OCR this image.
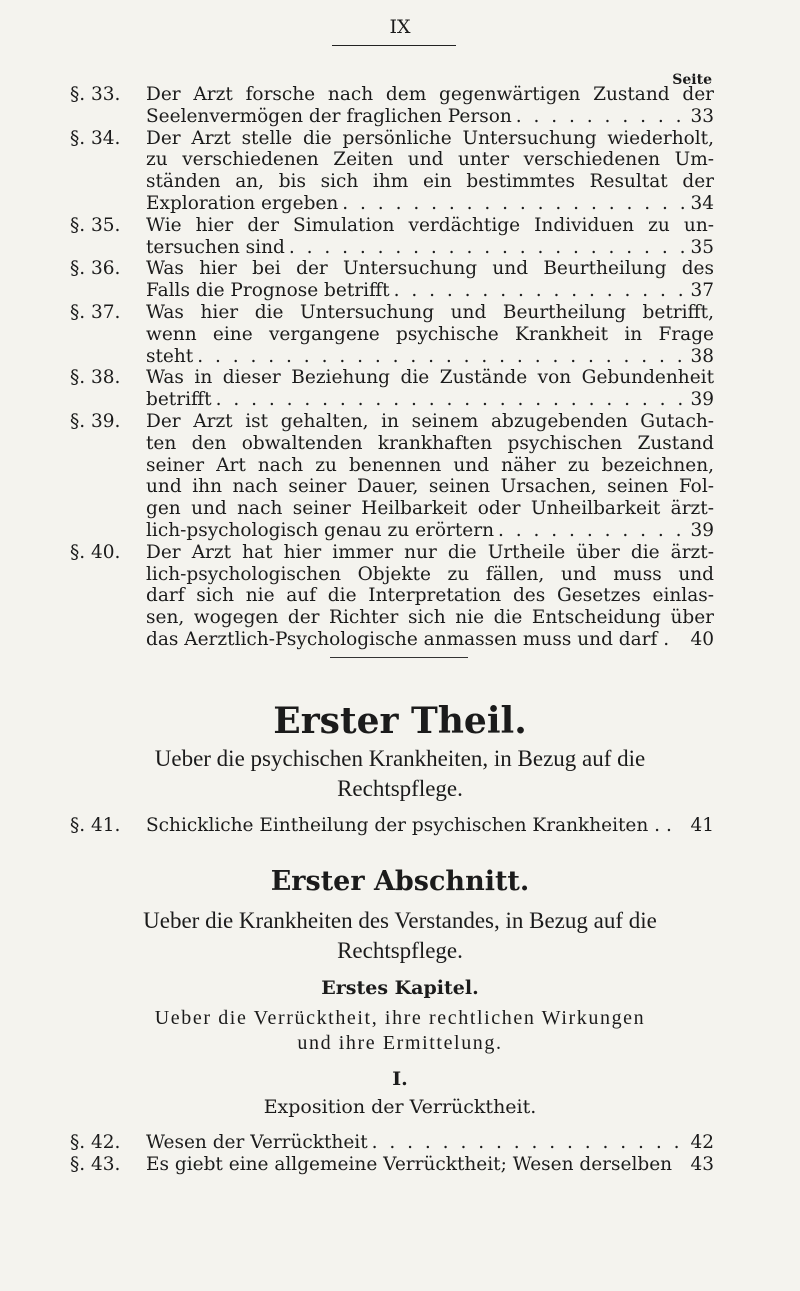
IX
Seite
§. 33.	Der Arzt forsche nach dem gegenwärtigen Zustand der
Seelenvermögen der fraglichen Person . . .	33
§. 34.	Der Arzt stelle die persönliche Untersuchung wiederholt,
zu verschiedenen Zeiten und unter verschiedenen Um-
ständen an, bis sich ihm ein bestimmtes Resultat der
Exploration ergeben . . .	34
§. 35.	Wie hier der Simulation verdächtige Individuen zu un-
tersuchen sind . . .	35
§. 36.	Was hier bei der Untersuchung und Beurtheilung des
Falls die Prognose betrifft . . .	37
§. 37.	Was hier die Untersuchung und Beurtheilung betrifft,
wenn eine vergangene psychische Krankheit in Frage
steht . . .	38
§. 38.	Was in dieser Beziehung die Zustände von Gebundenheit
betrifft . . .	39
§. 39.	Der Arzt ist gehalten, in seinem abzugebenden Gutach-
ten den obwaltenden krankhaften psychischen Zustand
seiner Art nach zu benennen und näher zu bezeichnen,
und ihn nach seiner Dauer, seinen Ursachen, seinen Fol-
gen und nach seiner Heilbarkeit oder Unheilbarkeit ärzt-
lich-psychologisch genau zu erörtern . . .	39
§. 40.	Der Arzt hat hier immer nur die Urtheile über die ärzt-
lich-psychologischen Objekte zu fällen, und muss und
darf sich nie auf die Interpretation des Gesetzes einlas-
sen, wogegen der Richter sich nie die Entscheidung über
das Aerztlich-Psychologische anmassen muss und darf . 40
Erster Theil.
Ueber die psychischen Krankheiten, in Bezug auf die
Rechtspflege.
§. 41.	Schickliche Eintheilung der psychischen Krankheiten . . 41
Erster Abschnitt.
Ueber die Krankheiten des Verstandes, in Bezug auf die
Rechtspflege.
Erstes Kapitel.
Ueber die Verrücktheit, ihre rechtlichen Wirkungen
und ihre Ermittelung.
I.
Exposition der Verrücktheit.
§. 42.	Wesen der Verrücktheit . . .	42
§. 43.	Es giebt eine allgemeine Verrücktheit; Wesen derselben 43
